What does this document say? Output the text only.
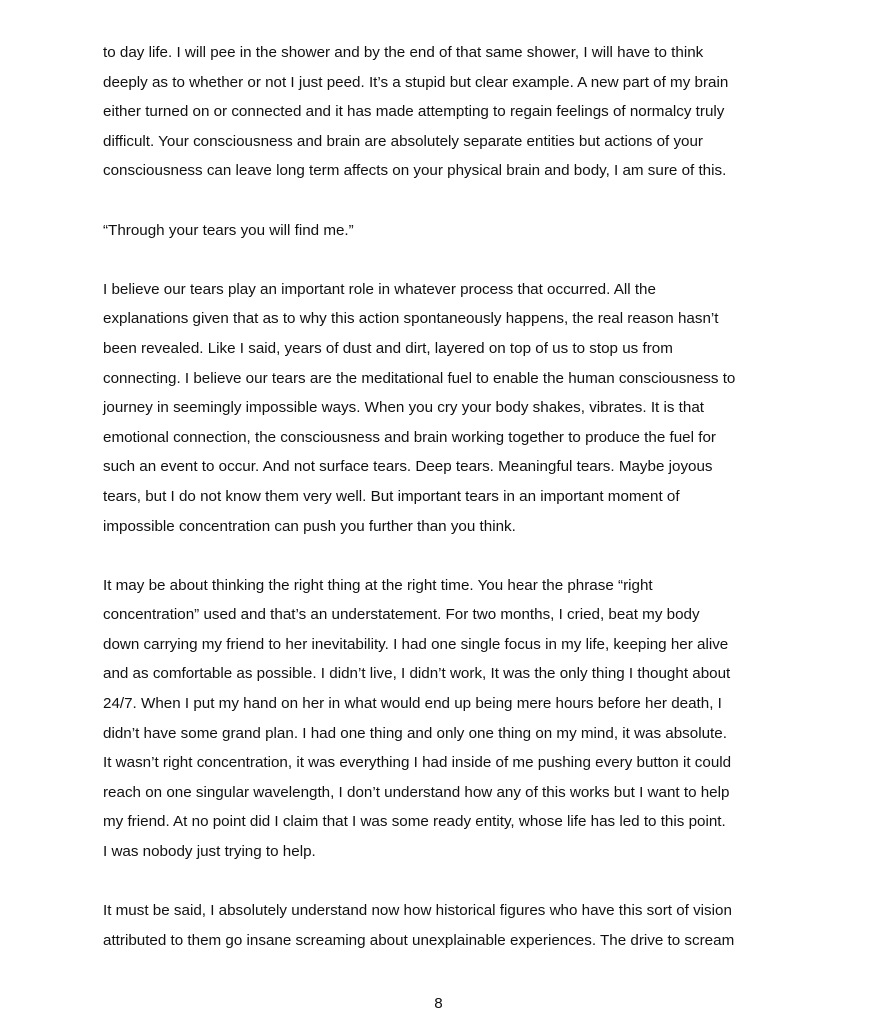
to day life. I will pee in the shower and by the end of that same shower, I will have to think
deeply as to whether or not I just peed. It’s a stupid but clear example. A new part of my brain
either turned on or connected and it has made attempting to regain feelings of normalcy truly
difficult. Your consciousness and brain are absolutely separate entities but actions of your
consciousness can leave long term affects on your physical brain and body, I am sure of this.

“Through your tears you will find me.”

I believe our tears play an important role in whatever process that occurred. All the
explanations given that as to why this action spontaneously happens, the real reason hasn’t
been revealed. Like I said, years of dust and dirt, layered on top of us to stop us from
connecting. I believe our tears are the meditational fuel to enable the human consciousness to
journey in seemingly impossible ways. When you cry your body shakes, vibrates. It is that
emotional connection, the consciousness and brain working together to produce the fuel for
such an event to occur. And not surface tears. Deep tears. Meaningful tears. Maybe joyous
tears, but I do not know them very well. But important tears in an important moment of
impossible concentration can push you further than you think.

It may be about thinking the right thing at the right time. You hear the phrase “right
concentration” used and that’s an understatement. For two months, I cried, beat my body
down carrying my friend to her inevitability. I had one single focus in my life, keeping her alive
and as comfortable as possible. I didn’t live, I didn’t work, It was the only thing I thought about
24/7. When I put my hand on her in what would end up being mere hours before her death, I
didn’t have some grand plan. I had one thing and only one thing on my mind, it was absolute.
It wasn’t right concentration, it was everything I had inside of me pushing every button it could
reach on one singular wavelength, I don’t understand how any of this works but I want to help
my friend. At no point did I claim that I was some ready entity, whose life has led to this point.
I was nobody just trying to help.

It must be said, I absolutely understand now how historical figures who have this sort of vision
attributed to them go insane screaming about unexplainable experiences. The drive to scream

8
